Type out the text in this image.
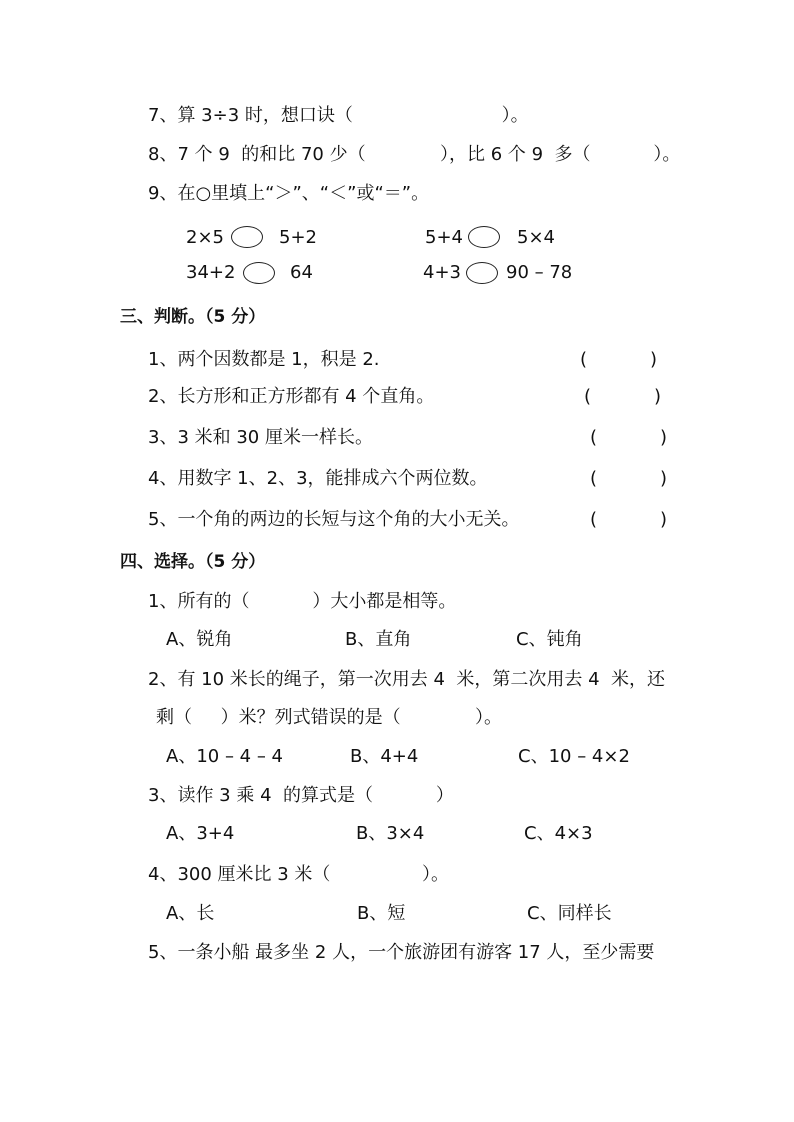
7、算 3÷3 时，想口诀（                          ）。
8、7 个 9  的和比 70 少（             ），比 6 个 9  多（           ）。
9、在○里填上“＞”、“＜”或“＝”。
2×5	5+2	5+4	5×4
34+2	64	4+3	90 – 78
三、判断。（5 分）
1、两个因数都是 1，积是 2.	(           )
2、长方形和正方形都有 4 个直角。	(           )
3、3 米和 30 厘米一样长。	(           )
4、用数字 1、2、3，能排成六个两位数。	(           )
5、一个角的两边的长短与这个角的大小无关。	(           )
四、选择。（5 分）
1、所有的（           ）大小都是相等。
A、锐角	B、直角	C、钝角
2、有 10 米长的绳子，第一次用去 4  米，第二次用去 4  米，还
剩（     ）米？列式错误的是（             ）。
A、10 – 4 – 4	B、4+4	C、10 – 4×2
3、读作 3 乘 4  的算式是（           ）
A、3+4	B、3×4	C、4×3
4、300 厘米比 3 米（                ）。
A、长	B、短	C、同样长
5、一条小船 最多坐 2 人，一个旅游团有游客 17 人，至少需要
